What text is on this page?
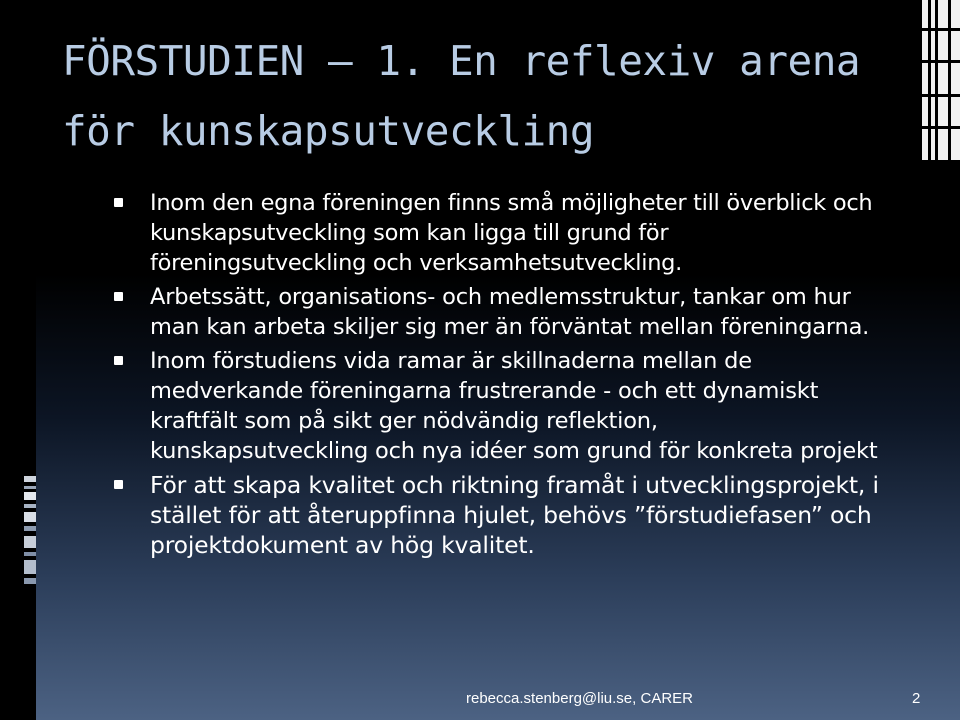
FÖRSTUDIEN – 1. En reflexiv arena för kunskapsutveckling
Inom den egna föreningen finns små möjligheter till överblick och kunskapsutveckling som kan ligga till grund för föreningsutveckling och verksamhetsutveckling.
Arbetssätt, organisations- och medlemsstruktur, tankar om hur man kan arbeta skiljer sig mer än förväntat mellan föreningarna.
Inom förstudiens vida ramar är skillnaderna mellan de medverkande föreningarna frustrerande - och ett dynamiskt kraftfält som på sikt ger nödvändig reflektion, kunskapsutveckling och nya idéer som grund för konkreta projekt
För att skapa kvalitet och riktning framåt i utvecklingsprojekt, i stället för att återuppfinna hjulet, behövs ”förstudiefasen” och projektdokument av hög kvalitet.
rebecca.stenberg@liu.se, CARER	2
